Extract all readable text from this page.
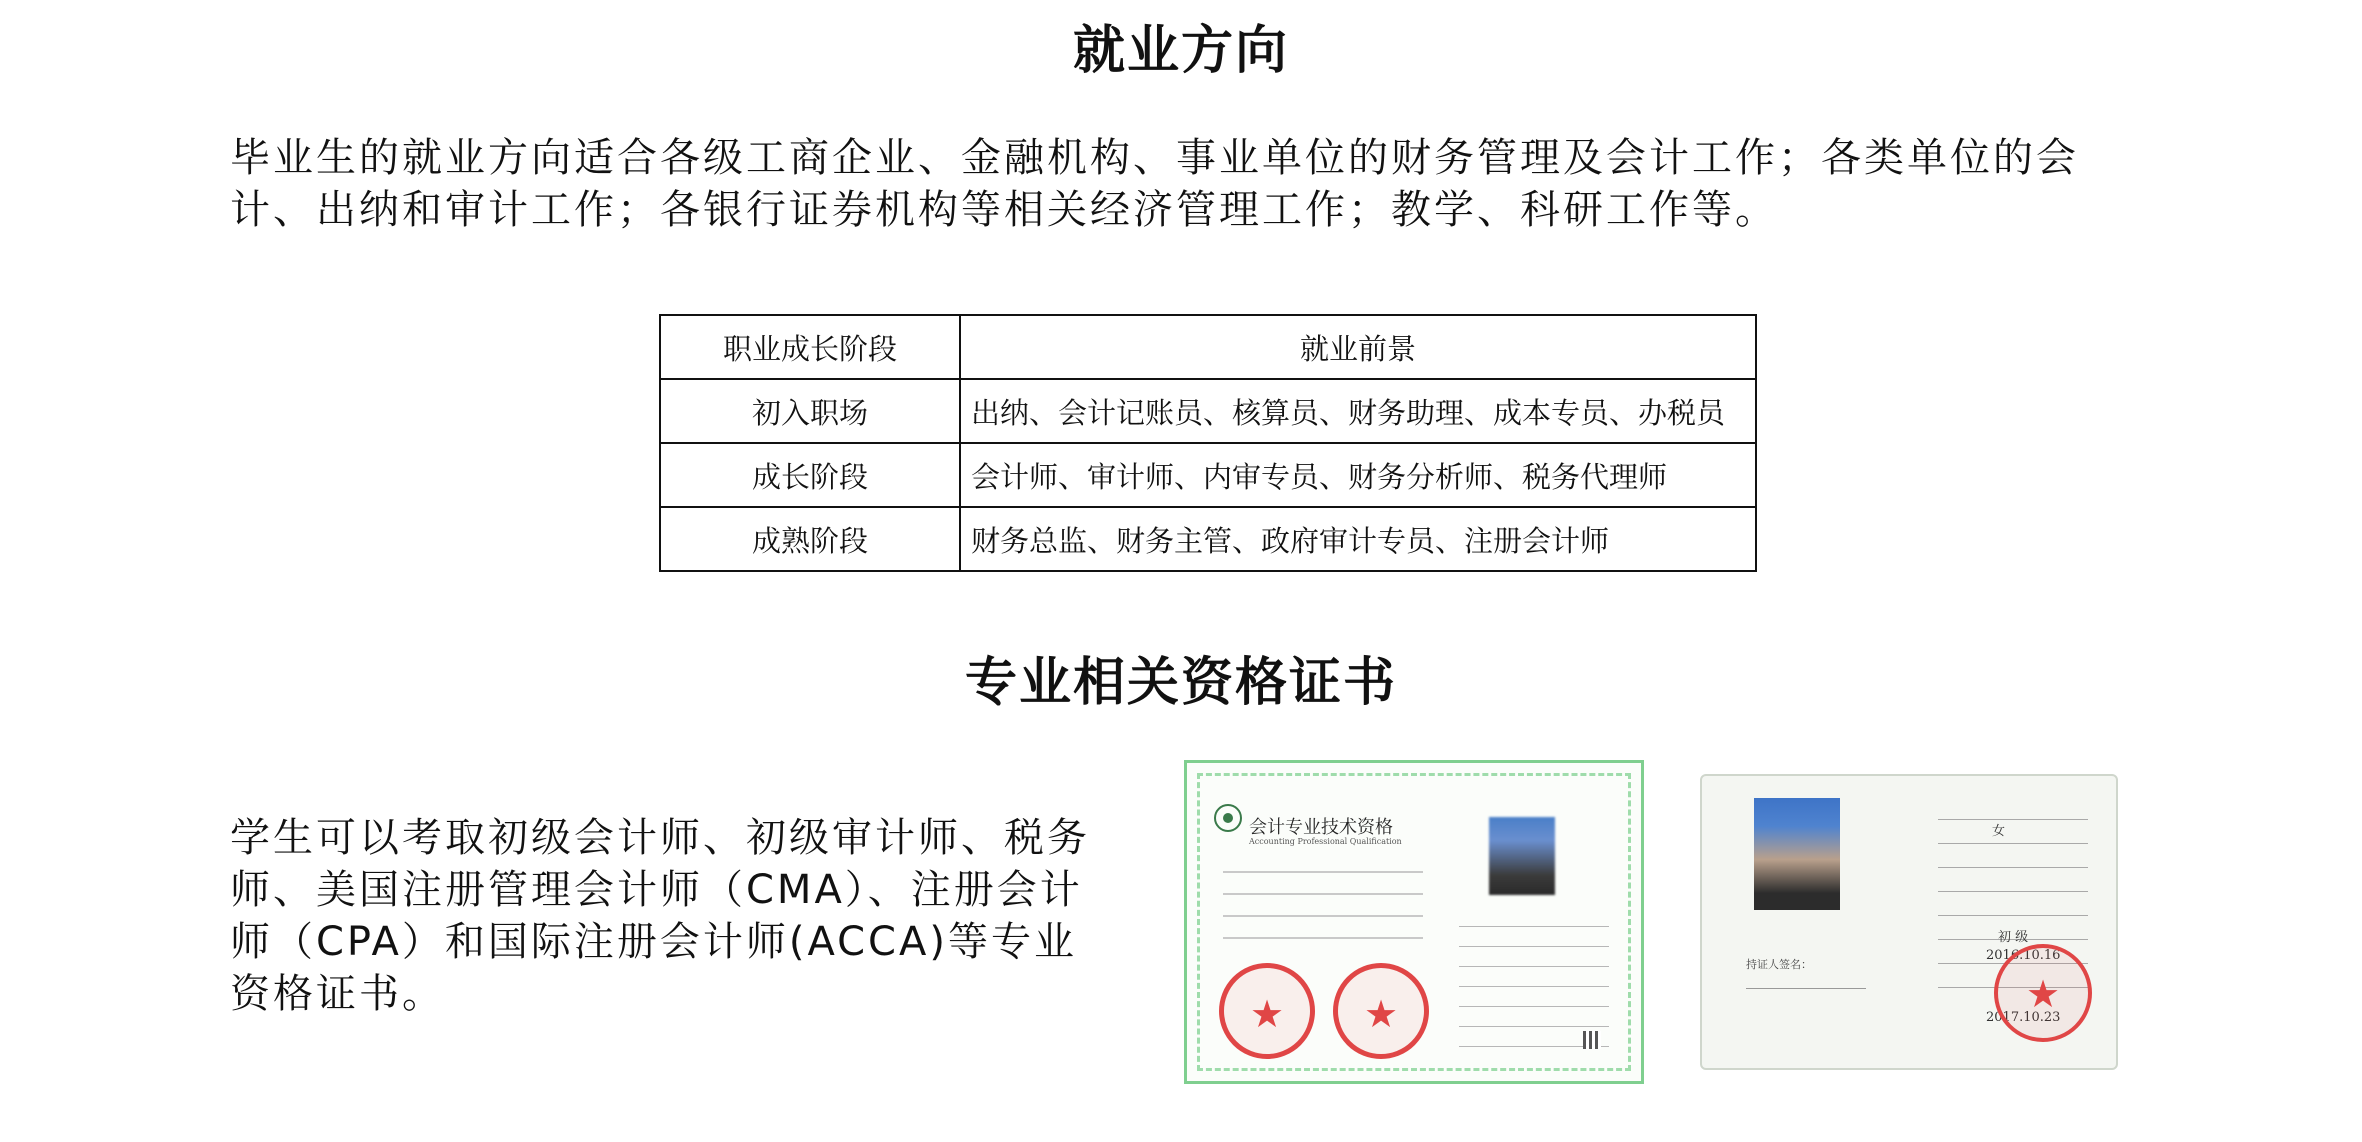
就业方向
毕业生的就业方向适合各级工商企业、金融机构、事业单位的财务管理及会计工作；各类单位的会计、出纳和审计工作；各银行证券机构等相关经济管理工作；教学、科研工作等。
职业成长阶段	就业前景
初入职场	出纳、会计记账员、核算员、财务助理、成本专员、办税员
成长阶段	会计师、审计师、内审专员、财务分析师、税务代理师
成熟阶段	财务总监、财务主管、政府审计专员、注册会计师
专业相关资格证书
学生可以考取初级会计师、初级审计师、税务师、美国注册管理会计师（CMA）、注册会计师（CPA）和国际注册会计师(ACCA)等专业资格证书。
会计专业技术资格
Accounting Professional Qualification
★	★
持证人签名：
女
初 级
2016.10.16
2017.10.23
★
